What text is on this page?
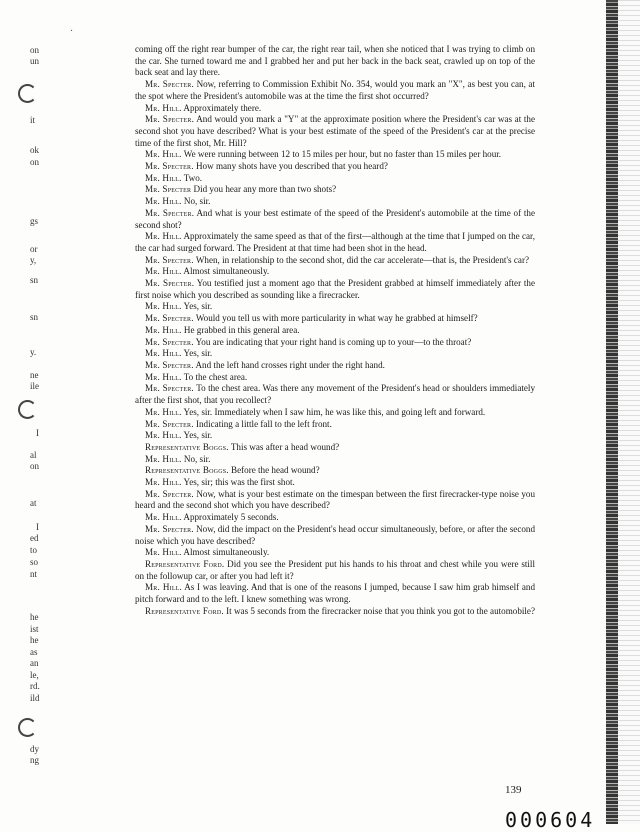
ˑ
on
un
it
ok
on
gs
or
y,
sn
sn
y.
ne
ile
I
al
on
at
I
ed
to
so
nt
he
ist
he
as
an
le,
rd.
ild
dy
ng

coming off the right rear bumper of the car, the right rear tail, when she noticed that I was trying to climb on the car. She turned toward me and I grabbed her and put her back in the back seat, crawled up on top of the back seat and lay there.

Mr. Specter. Now, referring to Commission Exhibit No. 354, would you mark an "X", as best you can, at the spot where the President's automobile was at the time the first shot occurred?

Mr. Hill. Approximately there.

Mr. Specter. And would you mark a "Y" at the approximate position where the President's car was at the second shot you have described? What is your best estimate of the speed of the President's car at the precise time of the first shot, Mr. Hill?

Mr. Hill. We were running between 12 to 15 miles per hour, but no faster than 15 miles per hour.

Mr. Specter. How many shots have you described that you heard?

Mr. Hill. Two.

Mr. Specter Did you hear any more than two shots?

Mr. Hill. No, sir.

Mr. Specter. And what is your best estimate of the speed of the President's automobile at the time of the second shot?

Mr. Hill. Approximately the same speed as that of the first—although at the time that I jumped on the car, the car had surged forward. The President at that time had been shot in the head.

Mr. Specter. When, in relationship to the second shot, did the car accelerate—that is, the President's car?

Mr. Hill. Almost simultaneously.

Mr. Specter. You testified just a moment ago that the President grabbed at himself immediately after the first noise which you described as sounding like a firecracker.

Mr. Hill. Yes, sir.

Mr. Specter. Would you tell us with more particularity in what way he grabbed at himself?

Mr. Hill. He grabbed in this general area.

Mr. Specter. You are indicating that your right hand is coming up to your—to the throat?

Mr. Hill. Yes, sir.

Mr. Specter. And the left hand crosses right under the right hand.

Mr. Hill. To the chest area.

Mr. Specter. To the chest area. Was there any movement of the President's head or shoulders immediately after the first shot, that you recollect?

Mr. Hill. Yes, sir. Immediately when I saw him, he was like this, and going left and forward.

Mr. Specter. Indicating a little fall to the left front.

Mr. Hill. Yes, sir.

Representative Boggs. This was after a head wound?

Mr. Hill. No, sir.

Representative Boggs. Before the head wound?

Mr. Hill. Yes, sir; this was the first shot.

Mr. Specter. Now, what is your best estimate on the timespan between the first firecracker-type noise you heard and the second shot which you have described?

Mr. Hill. Approximately 5 seconds.

Mr. Specter. Now, did the impact on the President's head occur simultaneously, before, or after the second noise which you have described?

Mr. Hill. Almost simultaneously.

Representative Ford. Did you see the President put his hands to his throat and chest while you were still on the followup car, or after you had left it?

Mr. Hill. As I was leaving. And that is one of the reasons I jumped, because I saw him grab himself and pitch forward and to the left. I knew something was wrong.

Representative Ford. It was 5 seconds from the firecracker noise that you think you got to the automobile?

139
000604
